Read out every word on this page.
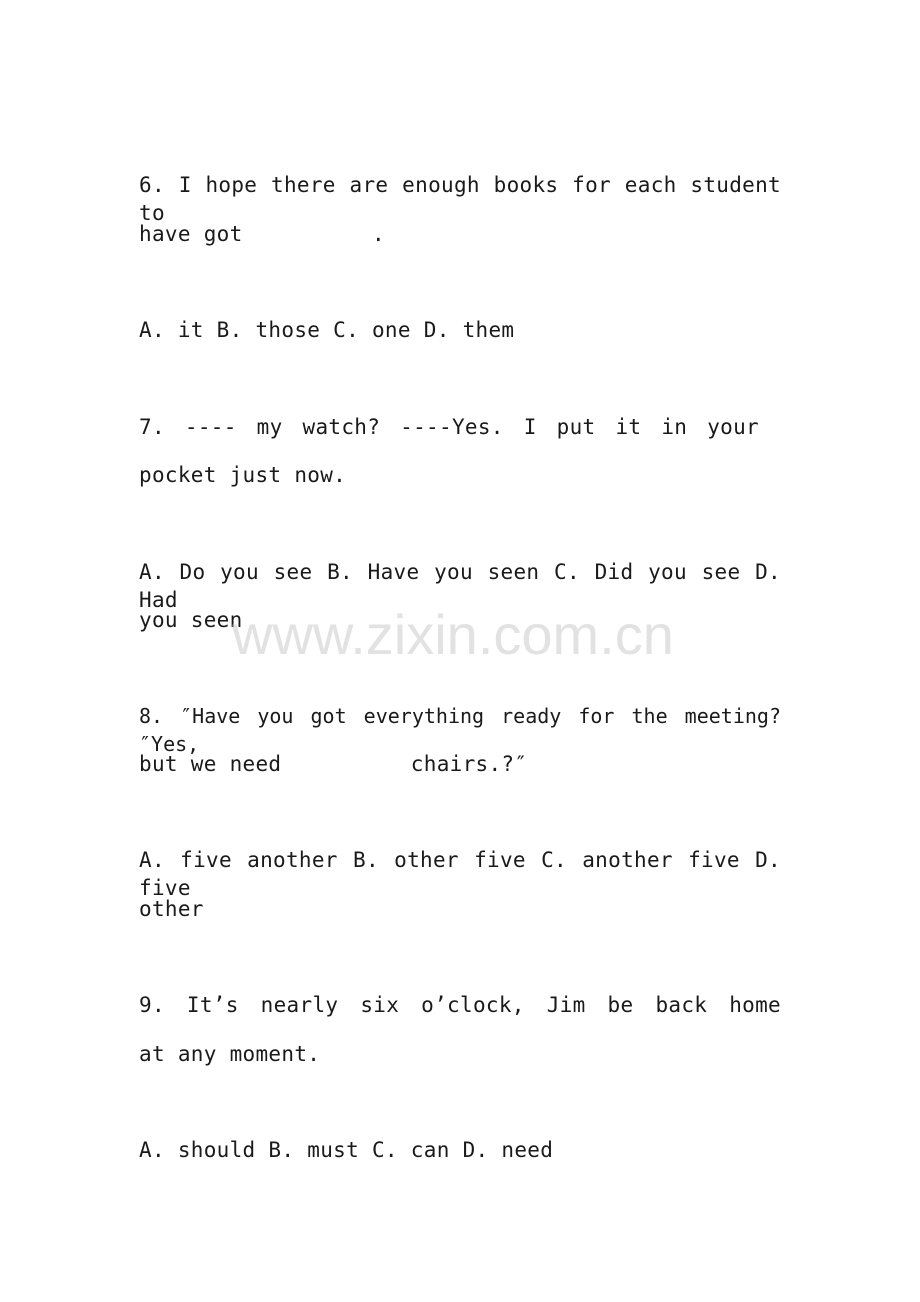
6. I hope there are enough books for each student to
have got          .
A. it B. those C. one D. them
7. ---- my watch? ----Yes. I put it in your
pocket just now.
A. Do you see B. Have you seen C. Did you see D. Had
you seen
8. ″Have you got everything ready for the meeting?″Yes,
but we need          chairs.?″
A. five another B. other five C. another five D. five
other
9. It’s nearly six o’clock, Jim be back home
at any moment.
A. should B. must C. can D. need
www.zixin.com.cn
